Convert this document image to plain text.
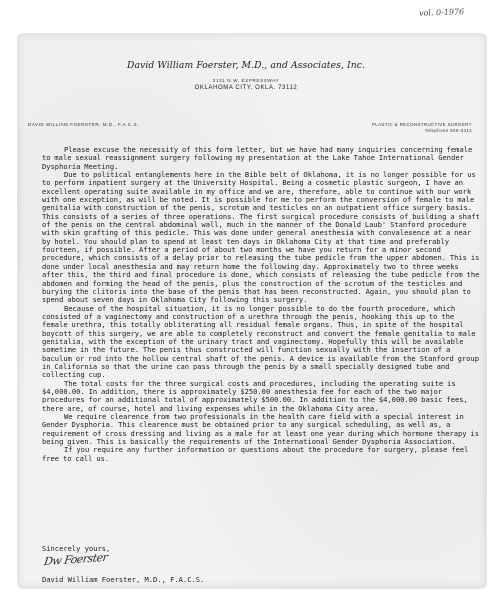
vol. 0-1976
David William Foerster, M.D., and Associates, Inc.
3131 N.W. EXPRESSWAY
OKLAHOMA CITY, OKLA. 73112
DAVID WILLIAM FOERSTER, M.D., F.A.C.S.	PLASTIC & RECONSTRUCTIVE SURGERY
Telephone 840-3412

Please excuse the necessity of this form letter, but we have had many inquiries concerning female to male sexual reassignment surgery following my presentation at the Lake Tahoe International Gender Dysphoria Meeting.

Due to political entanglements here in the Bible belt of Oklahoma, it is no longer possible for us to perform inpatient surgery at the University Hospital. Being a cosmetic plastic surgeon, I have an excellent operating suite available in my office and we are, therefore, able to continue with our work with one exception, as will be noted. It is possible for me to perform the conversion of female to male genitalia with construction of the penis, scrotum and testicles on an outpatient office surgery basis. This consists of a series of three operations. The first surgical procedure consists of building a shaft of the penis on the central abdominal wall, much in the manner of the Donald Laub' Stanford procedure with skin grafting of this pedicle. This was done under general anesthesia with convalesence at a near by hotel. You should plan to spend at least ten days in Oklahoma City at that time and preferably fourteen, if possible. After a period of about two months we have you return for a minor second procedure, which consists of a delay prior to releasing the tube pedicle from the upper abdomen. This is done under local anesthesia and may return home the following day. Approximately two to three weeks after this, the third and final procedure is done, which consists of releasing the tube pedicle from the abdomen and forming the head of the penis, plus the construction of the scrotum of the testicles and burying the clitoris into the base of the penis that has been reconstructed. Again, you should plan to spend about seven days in Oklahoma City following this surgery.

Because of the hospital situation, it is no longer possible to do the fourth procedure, which consisted of a vaginectomy and construction of a urethra through the penis, hooking this up to the female urethra, this totally obliterating all residual female organs. Thus, in spite of the hospital boycott of this surgery, we are able to completely reconstruct and convert the female genitalia to male genitalia, with the exception of the urinary tract and vaginectomy. Hopefully this will be available sometime in the future. The penis thus constructed will function sexually with the insertion of a baculum or rod into the hollow central shaft of the penis. A device is available from the Stanford group in California so that the urine can pass through the penis by a small specially designed tube and collecting cup.

The total costs for the three surgical costs and procedures, including the operating suite is $4,000.00. In addition, there is approximately $250.00 anesthesia fee for each of the two major procedures for an additional total of approximately $500.00. In addition to the $4,000.00 basic fees, there are, of course, hotel and living expenses while in the Oklahoma City area.

We require clearence from two professionals in the health care field with a special interest in Gender Dysphoria. This clearence must be obtained prior to any surgical scheduling, as well as, a requirement of cross dressing and living as a male for at least one year during which hormone therapy is being given. This is basically the requirements of the International Gender Dysphoria Association.

If you require any further information or questions about the procedure for surgery, please feel free to call us.

Sincerely yours,
Dw Foerster
David William Foerster, M.D., F.A.C.S.
